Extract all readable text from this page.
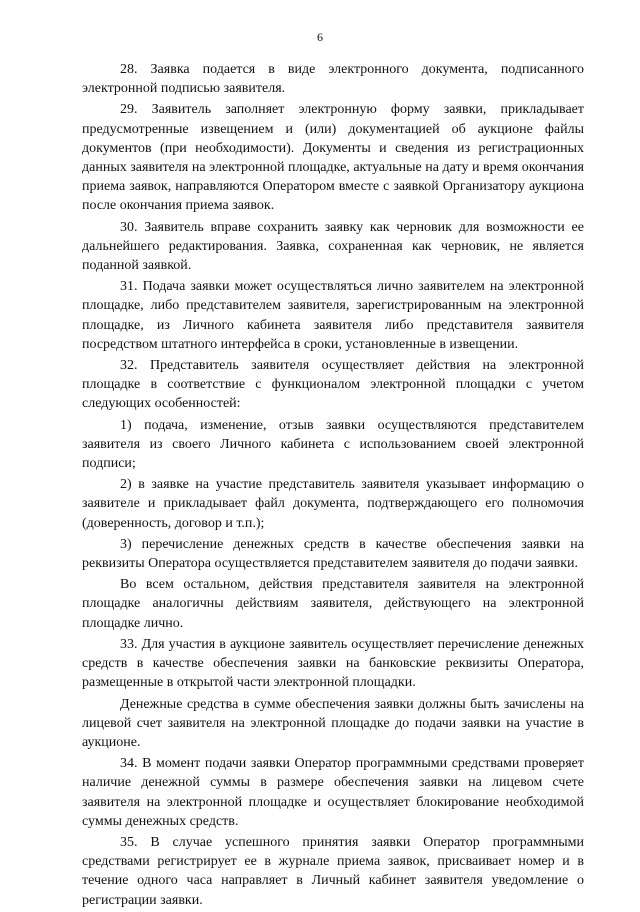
6

28. Заявка подается в виде электронного документа, подписанного электронной подписью заявителя.

29. Заявитель заполняет электронную форму заявки, прикладывает предусмотренные извещением и (или) документацией об аукционе файлы документов (при необходимости). Документы и сведения из регистрационных данных заявителя на электронной площадке, актуальные на дату и время окончания приема заявок, направляются Оператором вместе с заявкой Организатору аукциона после окончания приема заявок.

30. Заявитель вправе сохранить заявку как черновик для возможности ее дальнейшего редактирования. Заявка, сохраненная как черновик, не является поданной заявкой.

31. Подача заявки может осуществляться лично заявителем на электронной площадке, либо представителем заявителя, зарегистрированным на электронной площадке, из Личного кабинета заявителя либо представителя заявителя посредством штатного интерфейса в сроки, установленные в извещении.

32. Представитель заявителя осуществляет действия на электронной площадке в соответствие с функционалом электронной площадки с учетом следующих особенностей:

1) подача, изменение, отзыв заявки осуществляются представителем заявителя из своего Личного кабинета с использованием своей электронной подписи;

2) в заявке на участие представитель заявителя указывает информацию о заявителе и прикладывает файл документа, подтверждающего его полномочия (доверенность, договор и т.п.);

3) перечисление денежных средств в качестве обеспечения заявки на реквизиты Оператора осуществляется представителем заявителя до подачи заявки.

Во всем остальном, действия представителя заявителя на электронной площадке аналогичны действиям заявителя, действующего на электронной площадке лично.

33. Для участия в аукционе заявитель осуществляет перечисление денежных средств в качестве обеспечения заявки на банковские реквизиты Оператора, размещенные в открытой части электронной площадки.

Денежные средства в сумме обеспечения заявки должны быть зачислены на лицевой счет заявителя на электронной площадке до подачи заявки на участие в аукционе.

34. В момент подачи заявки Оператор программными средствами проверяет наличие денежной суммы в размере обеспечения заявки на лицевом счете заявителя на электронной площадке и осуществляет блокирование необходимой суммы денежных средств.

35. В случае успешного принятия заявки Оператор программными средствами регистрирует ее в журнале приема заявок, присваивает номер и в течение одного часа направляет в Личный кабинет заявителя уведомление о регистрации заявки.
